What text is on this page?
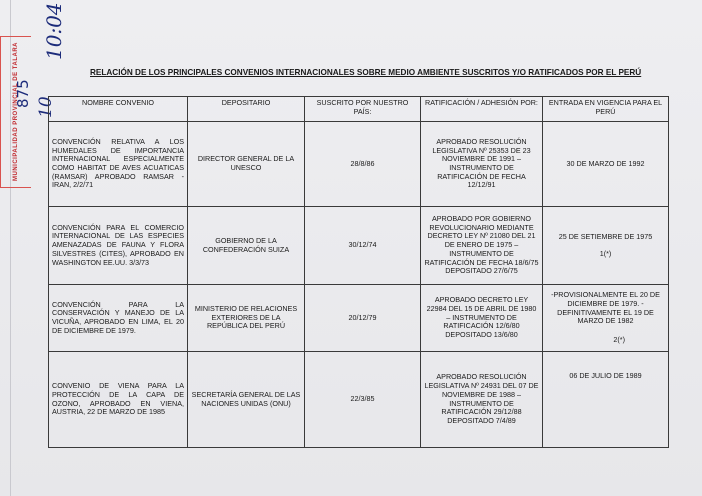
MUNICIPALIDAD PROVINCIAL DE TALARA
10:04
10
875
RELACIÓN DE LOS PRINCIPALES CONVENIOS INTERNACIONALES SOBRE MEDIO AMBIENTE SUSCRITOS Y/O RATIFICADOS POR EL PERÚ
NOMBRE CONVENIO	DEPOSITARIO	SUSCRITO POR NUESTRO PAÍS:	RATIFICACIÓN / ADHESIÓN POR:	ENTRADA EN VIGENCIA PARA EL PERÚ
CONVENCIÓN RELATIVA A LOS HUMEDALES DE IMPORTANCIA INTERNACIONAL ESPECIALMENTE COMO HABITAT DE AVES ACUATICAS (RAMSAR) APROBADO RAMSAR - IRAN, 2/2/71	DIRECTOR GENERAL DE LA UNESCO	28/8/86	APROBADO RESOLUCIÓN LEGISLATIVA Nº 25353 DE 23 NOVIEMBRE DE 1991 – INSTRUMENTO DE RATIFICACIÓN DE FECHA 12/12/91	30 DE MARZO DE 1992
CONVENCIÓN PARA EL COMERCIO INTERNACIONAL DE LAS ESPECIES AMENAZADAS DE FAUNA Y FLORA SILVESTRES (CITES), APROBADO EN WASHINGTON EE.UU. 3/3/73	GOBIERNO DE LA CONFEDERACIÓN SUIZA	30/12/74	APROBADO POR GOBIERNO REVOLUCIONARIO MEDIANTE DECRETO LEY Nº 21080 DEL 21 DE ENERO DE 1975 – INSTRUMENTO DE RATIFICACIÓN DE FECHA 18/6/75 DEPOSITADO 27/6/75	25 DE SETIEMBRE DE 1975
1(*)

CONVENCIÓN PARA LA CONSERVACIÓN Y MANEJO DE LA VICUÑA, APROBADO EN LIMA, EL 20 DE DICIEMBRE DE 1979.	MINISTERIO DE RELACIONES EXTERIORES DE LA REPÚBLICA DEL PERÚ	20/12/79	APROBADO DECRETO LEY 22984 DEL 15 DE ABRIL DE 1980 – INSTRUMENTO DE RATIFICACIÓN 12/6/80 DEPOSITADO 13/6/80	-PROVISIONALMENTE EL 20 DE DICIEMBRE DE 1979. -DEFINITIVAMENTE EL 19 DE MARZO DE 1982
2(*)

CONVENIO DE VIENA PARA LA PROTECCIÓN DE LA CAPA DE OZONO, APROBADO EN VIENA, AUSTRIA, 22 DE MARZO DE 1985	SECRETARÍA GENERAL DE LAS NACIONES UNIDAS (ONU)	22/3/85	APROBADO RESOLUCIÓN LEGISLATIVA Nº 24931 DEL 07 DE NOVIEMBRE DE 1988 – INSTRUMENTO DE RATIFICACIÓN 29/12/88 DEPOSITADO 7/4/89	06 DE JULIO DE 1989
